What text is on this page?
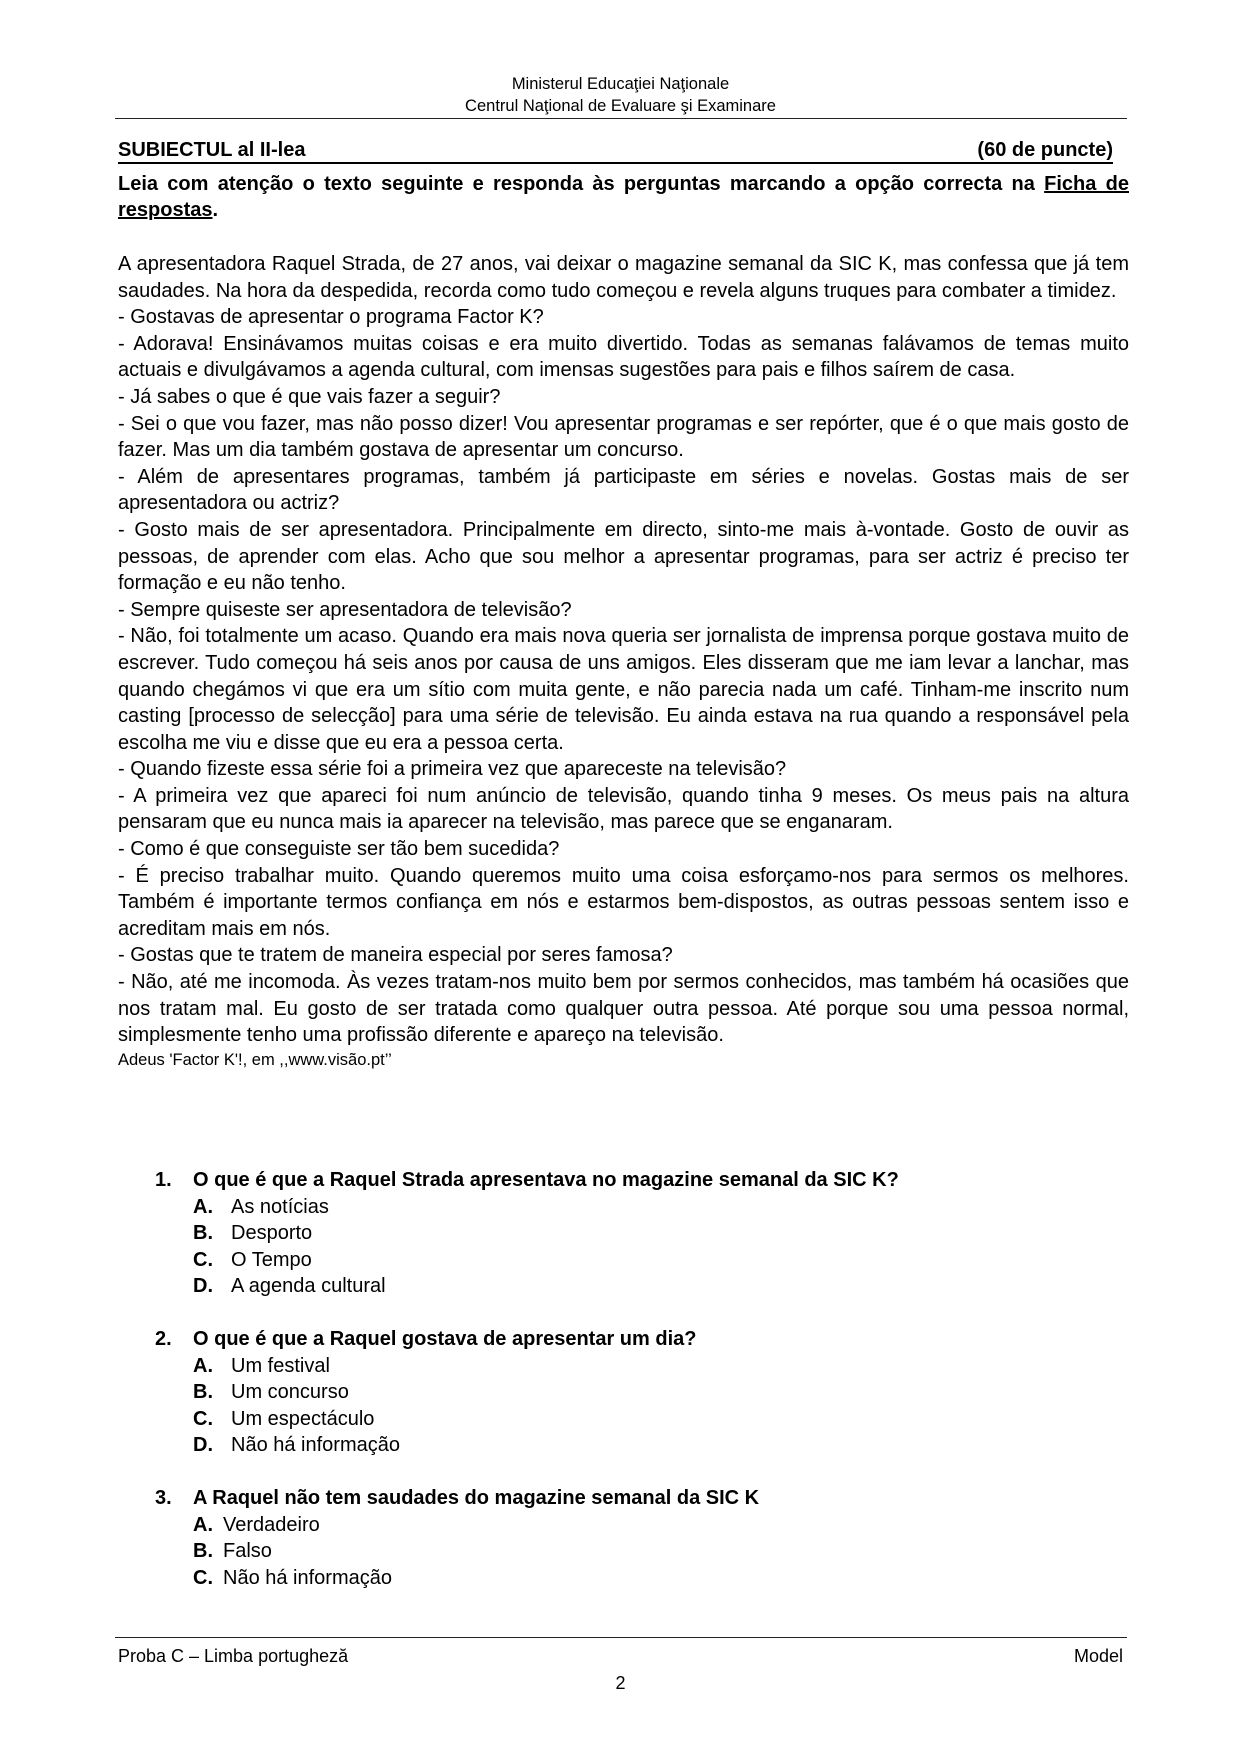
Ministerul Educaţiei Naţionale
Centrul Naţional de Evaluare şi Examinare
SUBIECTUL al II-lea	(60 de puncte)
Leia com atenção o texto seguinte e responda às perguntas marcando a opção correcta na Ficha de respostas.

A apresentadora Raquel Strada, de 27 anos, vai deixar o magazine semanal da SIC K, mas confessa que já tem saudades. Na hora da despedida, recorda como tudo começou e revela alguns truques para combater a timidez.

- Gostavas de apresentar o programa Factor K?

- Adorava! Ensinávamos muitas coisas e era muito divertido. Todas as semanas falávamos de temas muito actuais e divulgávamos a agenda cultural, com imensas sugestões para pais e filhos saírem de casa.

- Já sabes o que é que vais fazer a seguir?

- Sei o que vou fazer, mas não posso dizer! Vou apresentar programas e ser repórter, que é o que mais gosto de fazer. Mas um dia também gostava de apresentar um concurso.

- Além de apresentares programas, também já participaste em séries e novelas. Gostas mais de ser apresentadora ou actriz?

- Gosto mais de ser apresentadora. Principalmente em directo, sinto-me mais à-vontade. Gosto de ouvir as pessoas, de aprender com elas. Acho que sou melhor a apresentar programas, para ser actriz é preciso ter formação e eu não tenho.

- Sempre quiseste ser apresentadora de televisão?

- Não, foi totalmente um acaso. Quando era mais nova queria ser jornalista de imprensa porque gostava muito de escrever. Tudo começou há seis anos por causa de uns amigos. Eles disseram que me iam levar a lanchar, mas quando chegámos vi que era um sítio com muita gente, e não parecia nada um café. Tinham-me inscrito num casting [processo de selecção] para uma série de televisão. Eu ainda estava na rua quando a responsável pela escolha me viu e disse que eu era a pessoa certa.

- Quando fizeste essa série foi a primeira vez que apareceste na televisão?

- A primeira vez que apareci foi num anúncio de televisão, quando tinha 9 meses. Os meus pais na altura pensaram que eu nunca mais ia aparecer na televisão, mas parece que se enganaram.

- Como é que conseguiste ser tão bem sucedida?

- É preciso trabalhar muito. Quando queremos muito uma coisa esforçamo-nos para sermos os melhores. Também é importante termos confiança em nós e estarmos bem-dispostos, as outras pessoas sentem isso e acreditam mais em nós.

- Gostas que te tratem de maneira especial por seres famosa?

- Não, até me incomoda. Às vezes tratam-nos muito bem por sermos conhecidos, mas também há ocasiões que nos tratam mal. Eu gosto de ser tratada como qualquer outra pessoa. Até porque sou uma pessoa normal, simplesmente tenho uma profissão diferente e apareço na televisão.

Adeus 'Factor K'!, em ,,www.visão.pt’’

1.	O que é que a Raquel Strada apresentava no magazine semanal da SIC K?
A. As notícias
B. Desporto
C. O Tempo
D. A agenda cultural
2.	O que é que a Raquel gostava de apresentar um dia?
A. Um festival
B. Um concurso
C. Um espectáculo
D. Não há informação
3.	A Raquel não tem saudades do magazine semanal da SIC K
A. Verdadeiro
B. Falso
C. Não há informação
Proba C – Limba portugheză	Model
2
